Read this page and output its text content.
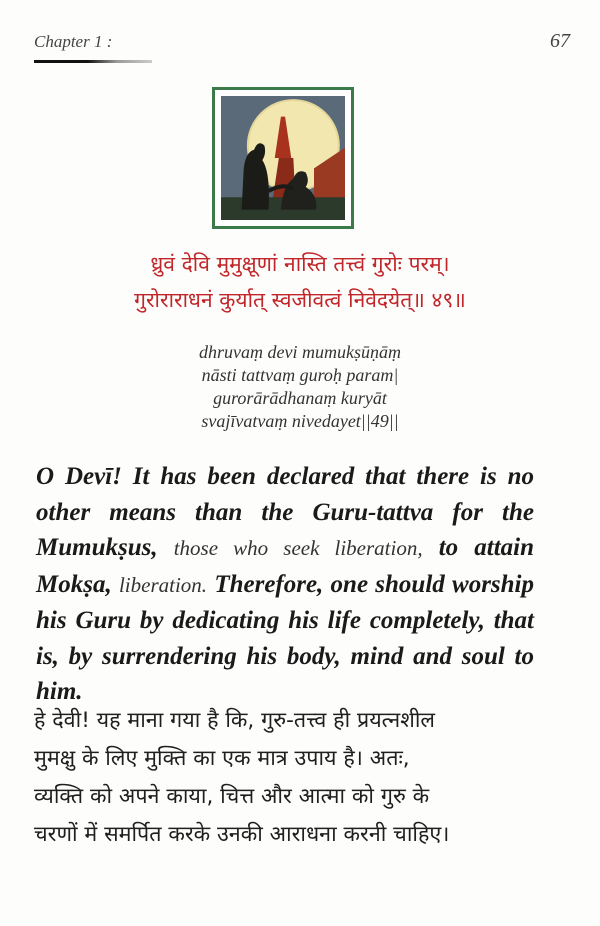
Chapter 1 :	67
ध्रुवं देवि मुमुक्षूणां नास्ति तत्त्वं गुरोः परम्।
गुरोराराधनं कुर्यात् स्वजीवत्वं निवेदयेत्॥ ४९॥
dhruvaṃ devi mumukṣūṇāṃ
nāsti tattvaṃ guroḥ param|
gurorārādhanaṃ kuryāt
svajīvatvaṃ nivedayet||49||
O Devī! It has been declared that there is no other means than the Guru-tattva for the Mumukṣus, those who seek liberation, to attain Mokṣa, liberation. Therefore, one should worship his Guru by dedicating his life completely, that is, by surrendering his body, mind and soul to him.
हे देवी! यह माना गया है कि, गुरु-तत्त्व ही प्रयत्नशील
मुमक्षु के लिए मुक्ति का एक मात्र उपाय है। अतः,
व्यक्ति को अपने काया, चित्त और आत्मा को गुरु के
चरणों में समर्पित करके उनकी आराधना करनी चाहिए।
